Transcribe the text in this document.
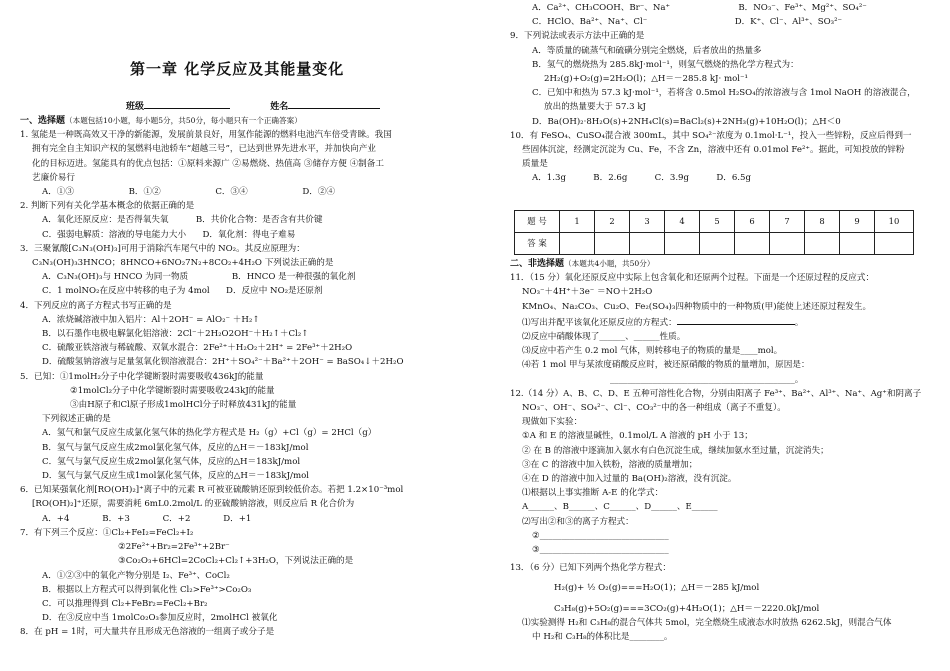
第一章 化学反应及其能量变化
班级	姓名
一、选择题（本题包括10小题，每小题5分，共50分，每小题只有一个正确答案）
1. 氢能是一种既高效又干净的新能源，发展前景良好，用氢作能源的燃料电池汽车倍受青睐。我国
拥有完全自主知识产权的氢燃料电池轿车“超越三号”，已达到世界先进水平，并加快向产业
化的目标迈进。氢能具有的优点包括：①原料来源广 ②易燃烧、热值高 ③储存方便 ④制备工
艺廉价易行
A．①③                    B．①②                    C．③④                    D．②④
2. 判断下列有关化学基本概念的依据正确的是
A．氧化还原反应：是否得氧失氧          B．共价化合物：是否含有共价键
C．强弱电解质：溶液的导电能力大小      D．氧化剂：得电子难易
3．三聚氰酸[C₃N₃(OH)₃]可用于消除汽车尾气中的 NO₂。其反应原理为：
C₃N₃(OH)₃3HNCO；8HNCO+6NO₂7N₂+8CO₂+4H₂O 下列说法正确的是
A．C₃N₃(OH)₃与 HNCO 为同一物质                B．HNCO 是一种很强的氧化剂
C．1 molNO₂在反应中转移的电子为 4mol      D．反应中 NO₂是还原剂
4．下列反应的离子方程式书写正确的是
A．浓烧碱溶液中加入铝片：Al＋2OH⁻ = AlO₂⁻ ＋H₂↑
B．以石墨作电极电解氯化铝溶液：2Cl⁻＋2H₂O2OH⁻＋H₂↑＋Cl₂↑
C．硫酸亚铁溶液与稀硫酸、双氧水混合：2Fe²⁺＋H₂O₂＋2H⁺ = 2Fe³⁺＋2H₂O
D．硫酸氢钠溶液与足量氢氧化钡溶液混合：2H⁺＋SO₄²⁻＋Ba²⁺＋2OH⁻ = BaSO₄↓＋2H₂O
5．已知：①1molH₂分子中化学键断裂时需要吸收436kJ的能量
②1molCl₂分子中化学键断裂时需要吸收243kJ的能量
③由H原子和Cl原子形成1molHCl分子时释放431kJ的能量
下列叙述正确的是
A．氢气和氯气反应生成氯化氢气体的热化学方程式是 H₂（g）+Cl（g）= 2HCl（g）
B．氢气与氯气反应生成2mol氯化氢气体，反应的△H＝－183kJ/mol
C．氢气与氯气反应生成2mol氯化氢气体，反应的△H＝183kJ/mol
D．氢气与氯气反应生成1mol氯化氢气体，反应的△H＝－183kJ/mol
6．已知某强氧化剂[RO(OH)₂]⁺离子中的元素 R 可被亚硫酸钠还原到较低价态。若把 1.2×10⁻³mol
[RO(OH)₂]⁺还原，需要消耗 6mL0.2mol/L 的亚硫酸钠溶液，则反应后 R 化合价为
A．+4            B．+3            C．+2            D．+1
7．有下列三个反应：①Cl₂+FeI₂=FeCl₂+I₂
②2Fe²⁺+Br₂=2Fe³⁺+2Br⁻
③Co₂O₃+6HCl=2CoCl₂+Cl₂↑+3H₂O，下列说法正确的是
A．①②③中的氧化产物分别是 I₂、Fe³⁺、CoCl₂
B．根据以上方程式可以得到氧化性 Cl₂>Fe³⁺>Co₂O₃
C．可以推理得到 Cl₂+FeBr₂=FeCl₂+Br₂
D．在③反应中当 1molCo₂O₃参加反应时，2molHCl 被氧化
8．在 pH = 1时，可大量共存且形成无色溶液的一组离子或分子是
A．Ca²⁺、CH₃COOH、Br⁻、Na⁺                         B．NO₃⁻、Fe³⁺、Mg²⁺、SO₄²⁻
C．HClO、Ba²⁺、Na⁺、Cl⁻                                D．K⁺、Cl⁻、Al³⁺、SO₃²⁻
9．下列说法或表示方法中正确的是
A．等质量的硫蒸气和硫磺分别完全燃烧，后者放出的热量多
B．氢气的燃烧热为 285.8kJ·mol⁻¹，则氢气燃烧的热化学方程式为：
2H₂(g)+O₂(g)=2H₂O(l)；△H＝－285.8 kJ· mol⁻¹
C．已知中和热为 57.3 kJ·mol⁻¹，若将含 0.5mol H₂SO₄的浓溶液与含 1mol NaOH 的溶液混合，
放出的热量要大于 57.3 kJ
D．Ba(OH)₂·8H₂O(s)+2NH₄Cl(s)=BaCl₂(s)+2NH₃(g)+10H₂O(l)；△H＜0
10．有 FeSO₄、CuSO₄混合液 300mL，其中 SO₄²⁻浓度为 0.1mol·L⁻¹，投入一些锌粉，反应后得到一
些固体沉淀，经测定沉淀为 Cu、Fe，不含 Zn，溶液中还有 0.01mol Fe²⁺。据此，可知投放的锌粉
质量是
A．1.3g          B．2.6g          C．3.9g          D．6.5g
题 号	1	2	3	4	5	6	7	8	9	10
答 案										
二、非选择题（本题共4小题，共50分）
11．（15 分）氧化还原反应中实际上包含氧化和还原两个过程。下面是一个还原过程的反应式：
NO₃⁻＋4H⁺＋3e⁻ ＝NO＋2H₂O
KMnO₄、Na₂CO₃、Cu₂O、Fe₂(SO₄)₃四种物质中的一种物质(甲)能使上述还原过程发生。
⑴写出并配平该氧化还原反应的方程式：	。
⑵反应中硝酸体现了______、______性质。
⑶反应中若产生 0.2 mol 气体，则转移电子的物质的量是____mol。
⑷若 1 mol 甲与某浓度硝酸反应时，被还原硝酸的物质的量增加，原因是：
___________________________________________。
12.（14 分）A、B、C、D、E 五种可溶性化合物，分别由阳离子 Fe³⁺、Ba²⁺、Al³⁺、Na⁺、Ag⁺和阴离子
NO₃⁻、OH⁻、SO₄²⁻、Cl⁻、CO₃²⁻中的各一种组成（离子不重复）。
现做如下实验：
①A 和 E 的溶液显碱性，0.1mol/L A 溶液的 pH 小于 13；
② 在 B 的溶液中逐滴加入氨水有白色沉淀生成，继续加氨水至过量，沉淀消失；
③在 C 的溶液中加入铁粉，溶液的质量增加；
④在 D 的溶液中加入过量的 Ba(OH)₂溶液，没有沉淀。
⑴根据以上事实推断 A-E 的化学式：
A______、B______、C______、D______、E______
⑵写出②和③的离子方程式：
②______________________________
③______________________________
13．（6 分）已知下列两个热化学方程式：
H₂(g)+ ½ O₂(g)===H₂O(1)；△H＝－285 kJ/mol
C₃H₈(g)+5O₂(g)===3CO₂(g)+4H₂O(1)；△H＝－2220.0kJ/mol
⑴实验测得 H₂和 C₃H₈的混合气体共 5mol，完全燃烧生成液态水时放热 6262.5kJ，则混合气体
中 H₂和 C₃H₈的体积比是________。
